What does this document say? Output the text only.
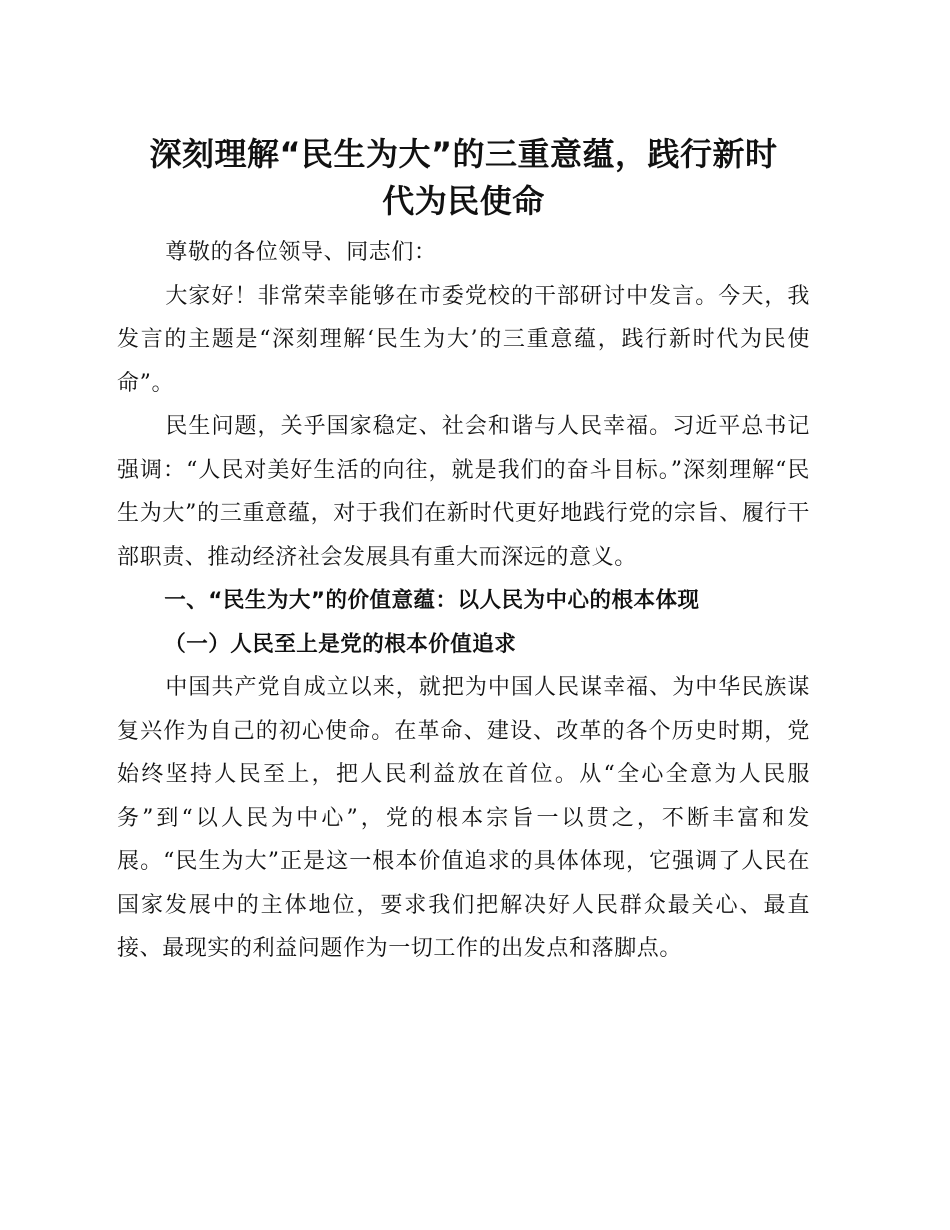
深刻理解“民生为大”的三重意蕴，践行新时
代为民使命

尊敬的各位领导、同志们：

大家好！非常荣幸能够在市委党校的干部研讨中发言。今天，我发言的主题是“深刻理解‘民生为大’的三重意蕴，践行新时代为民使命”。

民生问题，关乎国家稳定、社会和谐与人民幸福。习近平总书记强调：“人民对美好生活的向往，就是我们的奋斗目标。”深刻理解“民生为大”的三重意蕴，对于我们在新时代更好地践行党的宗旨、履行干部职责、推动经济社会发展具有重大而深远的意义。

一、“民生为大”的价值意蕴：以人民为中心的根本体现

（一）人民至上是党的根本价值追求

中国共产党自成立以来，就把为中国人民谋幸福、为中华民族谋复兴作为自己的初心使命。在革命、建设、改革的各个历史时期，党始终坚持人民至上，把人民利益放在首位。从“全心全意为人民服务”到“以人民为中心”，党的根本宗旨一以贯之，不断丰富和发展。“民生为大”正是这一根本价值追求的具体体现，它强调了人民在国家发展中的主体地位，要求我们把解决好人民群众最关心、最直接、最现实的利益问题作为一切工作的出发点和落脚点。
